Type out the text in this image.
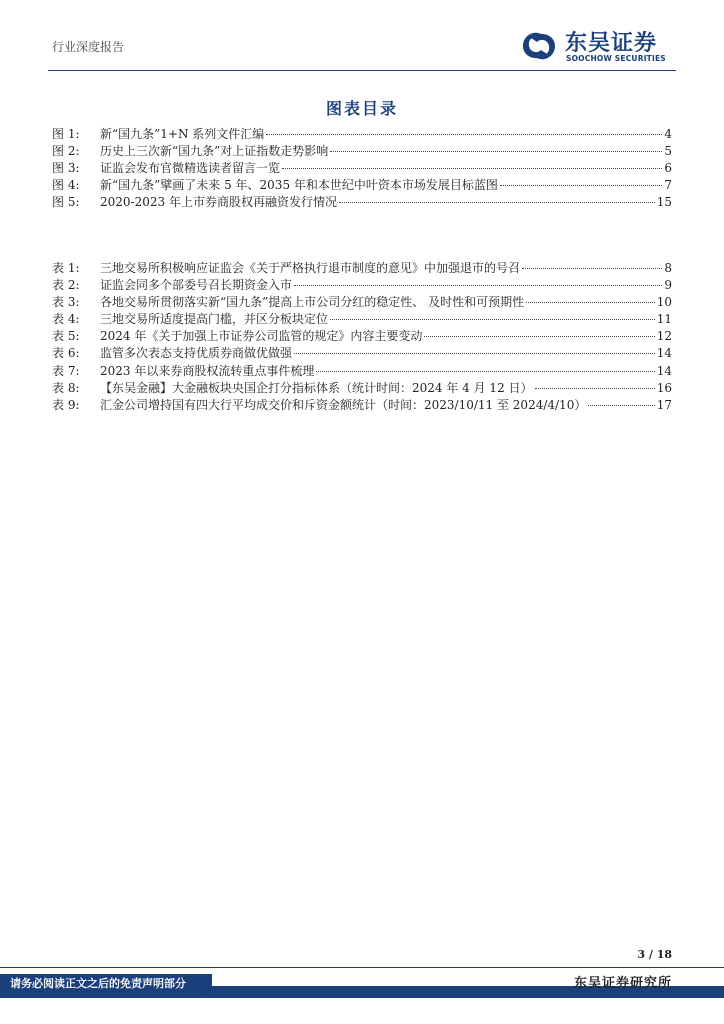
行业深度报告	东吴证券
SOOCHOW SECURITIES
图表目录
图 1:	新“国九条”1+N 系列文件汇编	4
图 2:	历史上三次新“国九条”对上证指数走势影响	5
图 3:	证监会发布官微精选读者留言一览	6
图 4:	新“国九条”擘画了未来 5 年、2035 年和本世纪中叶资本市场发展目标蓝图	7
图 5:	2020-2023 年上市券商股权再融资发行情况	15
表 1:	三地交易所积极响应证监会《关于严格执行退市制度的意见》中加强退市的号召	8
表 2:	证监会同多个部委号召长期资金入市	9
表 3:	各地交易所贯彻落实新“国九条”提高上市公司分红的稳定性、 及时性和可预期性	10
表 4:	三地交易所适度提高门槛，并区分板块定位	11
表 5:	2024 年《关于加强上市证券公司监管的规定》内容主要变动	12
表 6:	监管多次表态支持优质券商做优做强	14
表 7:	2023 年以来券商股权流转重点事件梳理	14
表 8:	【东吴金融】大金融板块央国企打分指标体系（统计时间：2024 年 4 月 12 日）	16
表 9:	汇金公司增持国有四大行平均成交价和斥资金额统计（时间：2023/10/11 至 2024/4/10）	17
3 / 18
请务必阅读正文之后的免责声明部分	东吴证券研究所
